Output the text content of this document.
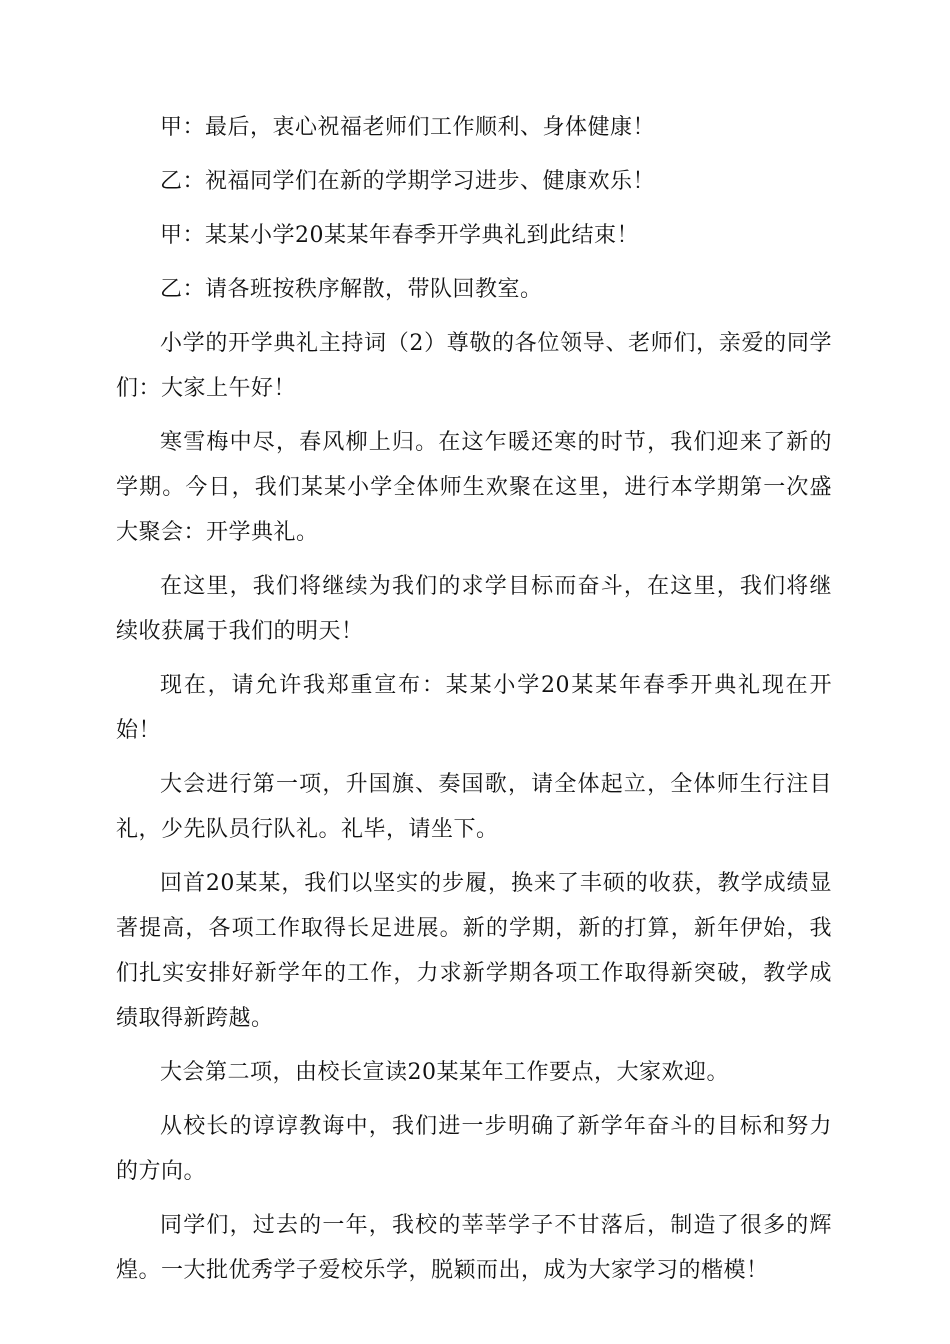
甲：最后，衷心祝福老师们工作顺利、身体健康！

乙：祝福同学们在新的学期学习进步、健康欢乐！

甲：某某小学20某某年春季开学典礼到此结束！

乙：请各班按秩序解散，带队回教室。

小学的开学典礼主持词（2）尊敬的各位领导、老师们，亲爱的同学们：大家上午好！

寒雪梅中尽，春风柳上归。在这乍暖还寒的时节，我们迎来了新的学期。今日，我们某某小学全体师生欢聚在这里，进行本学期第一次盛大聚会：开学典礼。

在这里，我们将继续为我们的求学目标而奋斗，在这里，我们将继续收获属于我们的明天！

现在，请允许我郑重宣布：某某小学20某某年春季开典礼现在开始！

大会进行第一项，升国旗、奏国歌，请全体起立，全体师生行注目礼，少先队员行队礼。礼毕，请坐下。

回首20某某，我们以坚实的步履，换来了丰硕的收获，教学成绩显著提高，各项工作取得长足进展。新的学期，新的打算，新年伊始，我们扎实安排好新学年的工作，力求新学期各项工作取得新突破，教学成绩取得新跨越。

大会第二项，由校长宣读20某某年工作要点，大家欢迎。

从校长的谆谆教诲中，我们进一步明确了新学年奋斗的目标和努力的方向。

同学们，过去的一年，我校的莘莘学子不甘落后，制造了很多的辉煌。一大批优秀学子爱校乐学，脱颖而出，成为大家学习的楷模！
